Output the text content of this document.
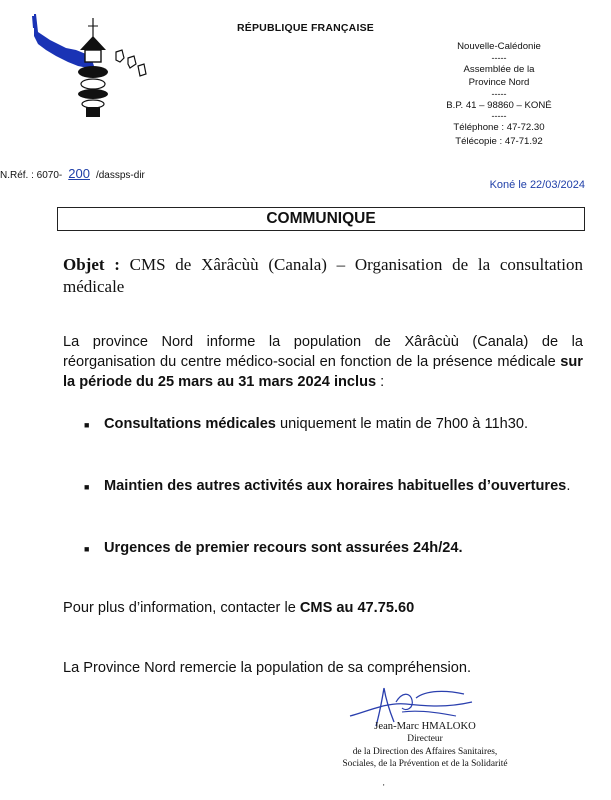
RÉPUBLIQUE FRANÇAISE
Nouvelle-Calédonie
-----
Assemblée de la
Province Nord
-----
B.P. 41 – 98860 – KONÉ
-----
Téléphone : 47-72.30
Télécopie : 47-71.92
N.Réf. : 6070- 200 /dassps-dir
Koné le 22/03/2024
COMMUNIQUE
Objet : CMS de Xârâcùù (Canala) – Organisation de la consultation médicale
La province Nord informe la population de Xârâcùù (Canala) de la réorganisation du centre médico-social en fonction de la présence médicale sur la période du 25 mars au 31 mars 2024 inclus :
■ Consultations médicales uniquement le matin de 7h00 à 11h30.
■ Maintien des autres activités aux horaires habituelles d’ouvertures.
■ Urgences de premier recours sont assurées 24h/24.
Pour plus d’information, contacter le CMS au 47.75.60
La Province Nord remercie la population de sa compréhension.
Jean-Marc HMALOKO
Directeur
de la Direction des Affaires Sanitaires,
Sociales, de la Prévention et de la Solidarité
'
